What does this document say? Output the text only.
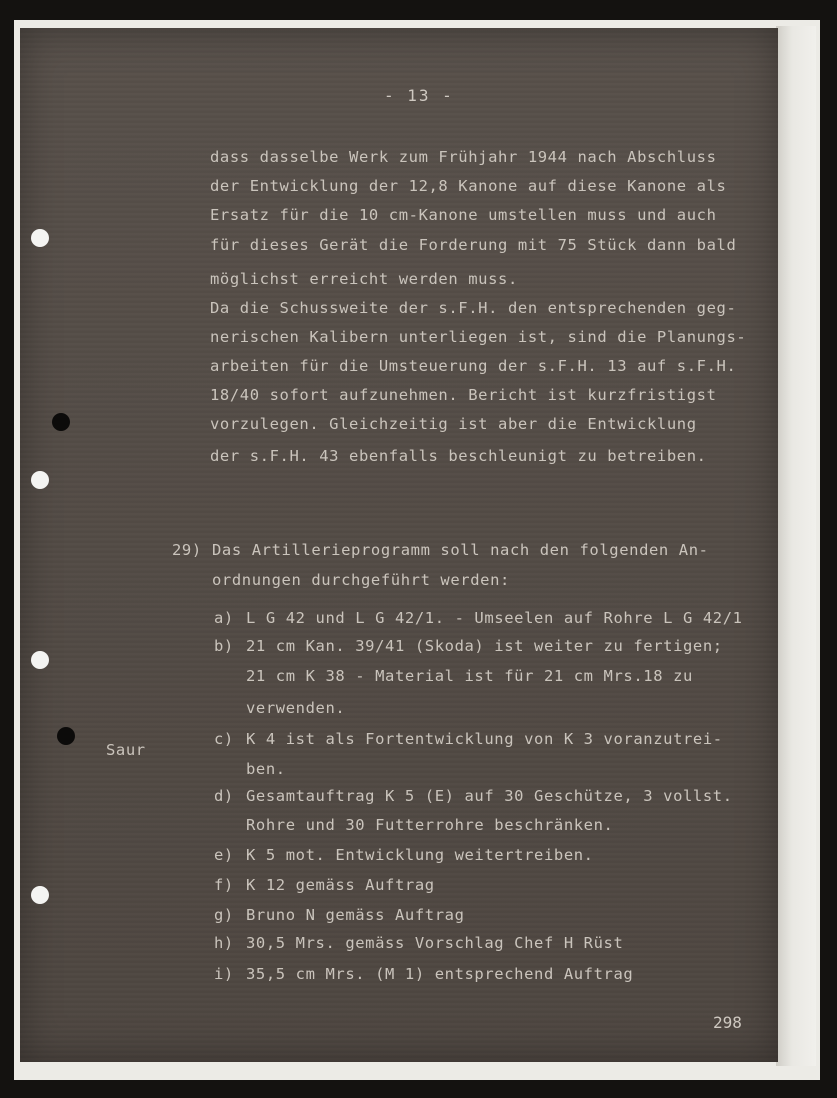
- 13 -
dass dasselbe Werk zum Frühjahr 1944 nach Abschluss
der Entwicklung der 12,8 Kanone auf diese Kanone als
Ersatz für die 10 cm-Kanone umstellen muss und auch
für dieses Gerät die Forderung mit 75 Stück dann bald
möglichst erreicht werden muss.
Da die Schussweite der s.F.H. den entsprechenden geg-
nerischen Kalibern unterliegen ist, sind die Planungs-
arbeiten für die Umsteuerung der s.F.H. 13 auf s.F.H.
18/40 sofort aufzunehmen. Bericht ist kurzfristigst
vorzulegen. Gleichzeitig ist aber die Entwicklung
der s.F.H. 43 ebenfalls beschleunigt zu betreiben.
29) Das Artillerieprogramm soll nach den folgenden An-
ordnungen durchgeführt werden:
Saur
a) L G 42 und L G 42/1. - Umseelen auf Rohre L G 42/1
b) 21 cm Kan. 39/41 (Skoda) ist weiter zu fertigen;
21 cm K 38 - Material ist für 21 cm Mrs.18 zu
verwenden.
c) K 4 ist als Fortentwicklung von K 3 voranzutrei-
ben.
d) Gesamtauftrag K 5 (E) auf 30 Geschütze, 3 vollst.
Rohre und 30 Futterrohre beschränken.
e) K 5 mot. Entwicklung weitertreiben.
f) K 12 gemäss Auftrag
g) Bruno N gemäss Auftrag
h) 30,5 Mrs. gemäss Vorschlag Chef H Rüst
i) 35,5 cm Mrs. (M 1) entsprechend Auftrag
298
